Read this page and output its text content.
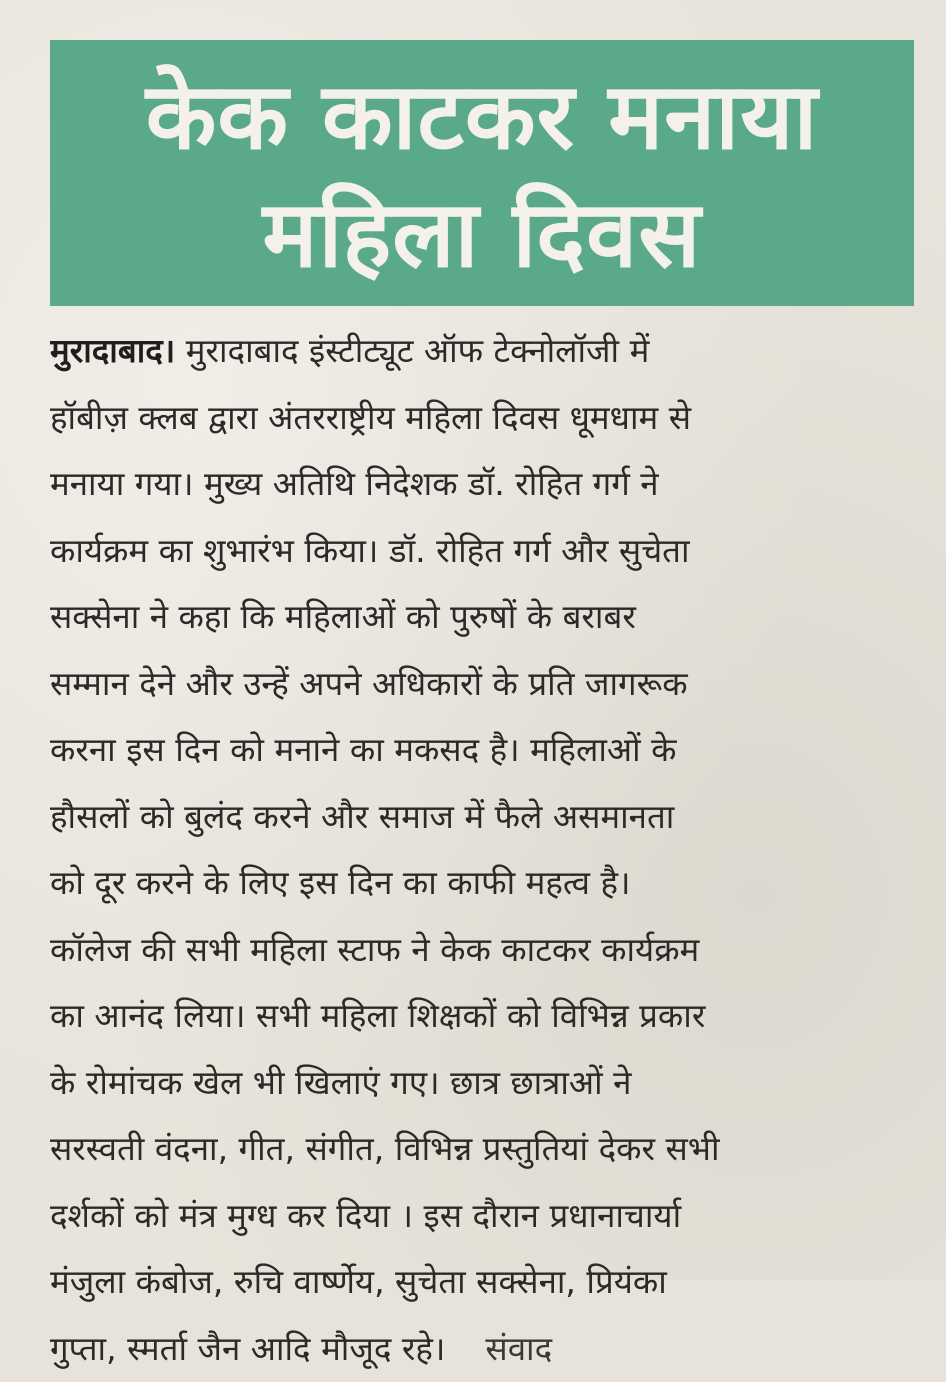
केक काटकर मनाया
महिला दिवस
मुरादाबाद। मुरादाबाद इंस्टीट्यूट ऑफ टेक्नोलॉजी में
हॉबीज़ क्लब द्वारा अंतरराष्ट्रीय महिला दिवस धूमधाम से
मनाया गया। मुख्य अतिथि निदेशक डॉ. रोहित गर्ग ने
कार्यक्रम का शुभारंभ किया। डॉ. रोहित गर्ग और सुचेता
सक्सेना ने कहा कि महिलाओं को पुरुषों के बराबर
सम्मान देने और उन्हें अपने अधिकारों के प्रति जागरूक
करना इस दिन को मनाने का मकसद है। महिलाओं के
हौसलों को बुलंद करने और समाज में फैले असमानता
को दूर करने के लिए इस दिन का काफी महत्व है।
कॉलेज की सभी महिला स्टाफ ने केक काटकर कार्यक्रम
का आनंद लिया। सभी महिला शिक्षकों को विभिन्न प्रकार
के रोमांचक खेल भी खिलाएं गए। छात्र छात्राओं ने
सरस्वती वंदना, गीत, संगीत, विभिन्न प्रस्तुतियां देकर सभी
दर्शकों को मंत्र मुग्ध कर दिया । इस दौरान प्रधानाचार्या
मंजुला कंबोज, रुचि वार्ष्णेय, सुचेता सक्सेना, प्रियंका
गुप्ता, स्मर्ता जैन आदि मौजूद रहे। संवाद
